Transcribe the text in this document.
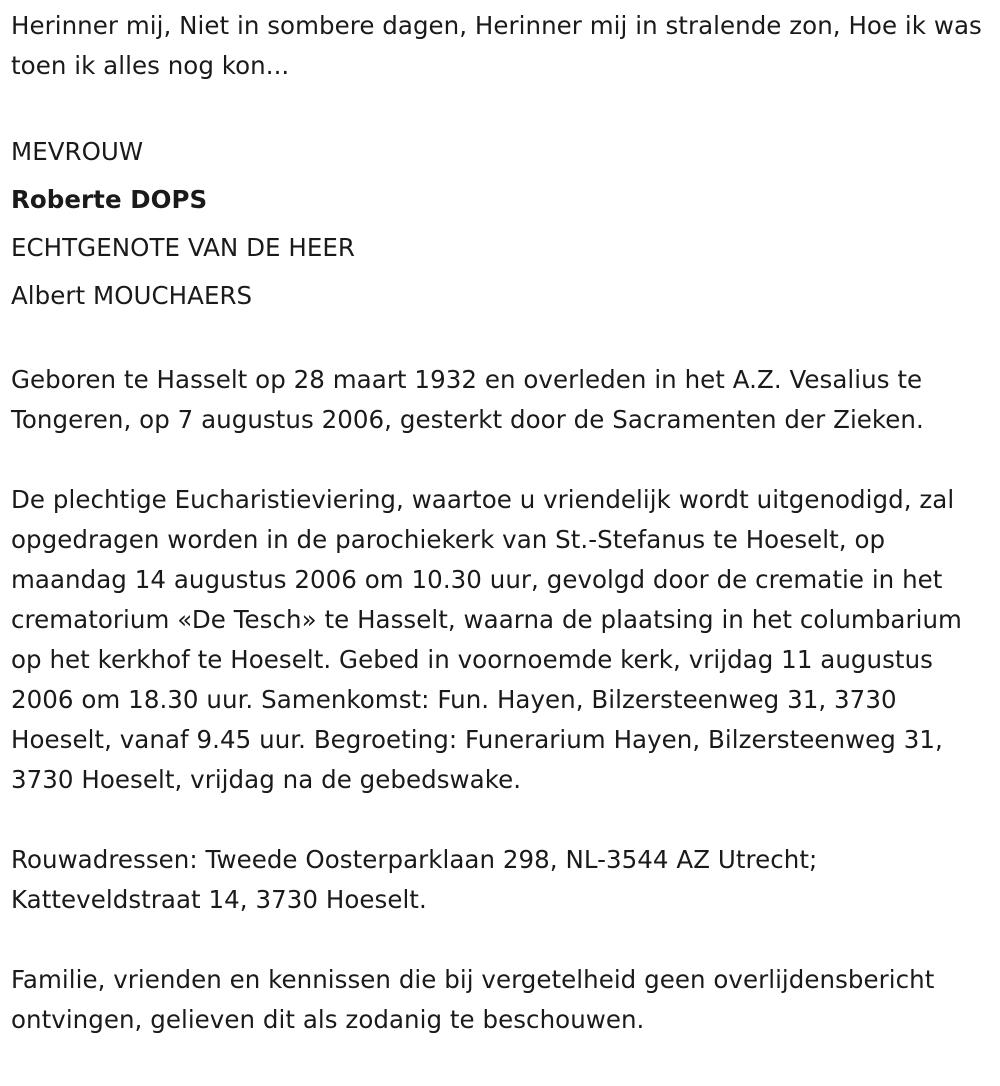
Herinner mij, Niet in sombere dagen, Herinner mij in stralende zon, Hoe ik was toen ik alles nog kon...

MEVROUW

Roberte DOPS

ECHTGENOTE VAN DE HEER

Albert MOUCHAERS

Geboren te Hasselt op 28 maart 1932 en overleden in het A.Z. Vesalius te Tongeren, op 7 augustus 2006, gesterkt door de Sacramenten der Zieken.

De plechtige Eucharistieviering, waartoe u vriendelijk wordt uitgenodigd, zal opgedragen worden in de parochiekerk van St.-Stefanus te Hoeselt, op maandag 14 augustus 2006 om 10.30 uur, gevolgd door de crematie in het crematorium «De Tesch» te Hasselt, waarna de plaatsing in het columbarium op het kerkhof te Hoeselt. Gebed in voornoemde kerk, vrijdag 11 augustus 2006 om 18.30 uur. Samenkomst: Fun. Hayen, Bilzersteenweg 31, 3730 Hoeselt, vanaf 9.45 uur. Begroeting: Funerarium Hayen, Bilzersteenweg 31, 3730 Hoeselt, vrijdag na de gebedswake.

Rouwadressen: Tweede Oosterparklaan 298, NL-3544 AZ Utrecht; Katteveldstraat 14, 3730 Hoeselt.

Familie, vrienden en kennissen die bij vergetelheid geen overlijdensbericht ontvingen, gelieven dit als zodanig te beschouwen.
